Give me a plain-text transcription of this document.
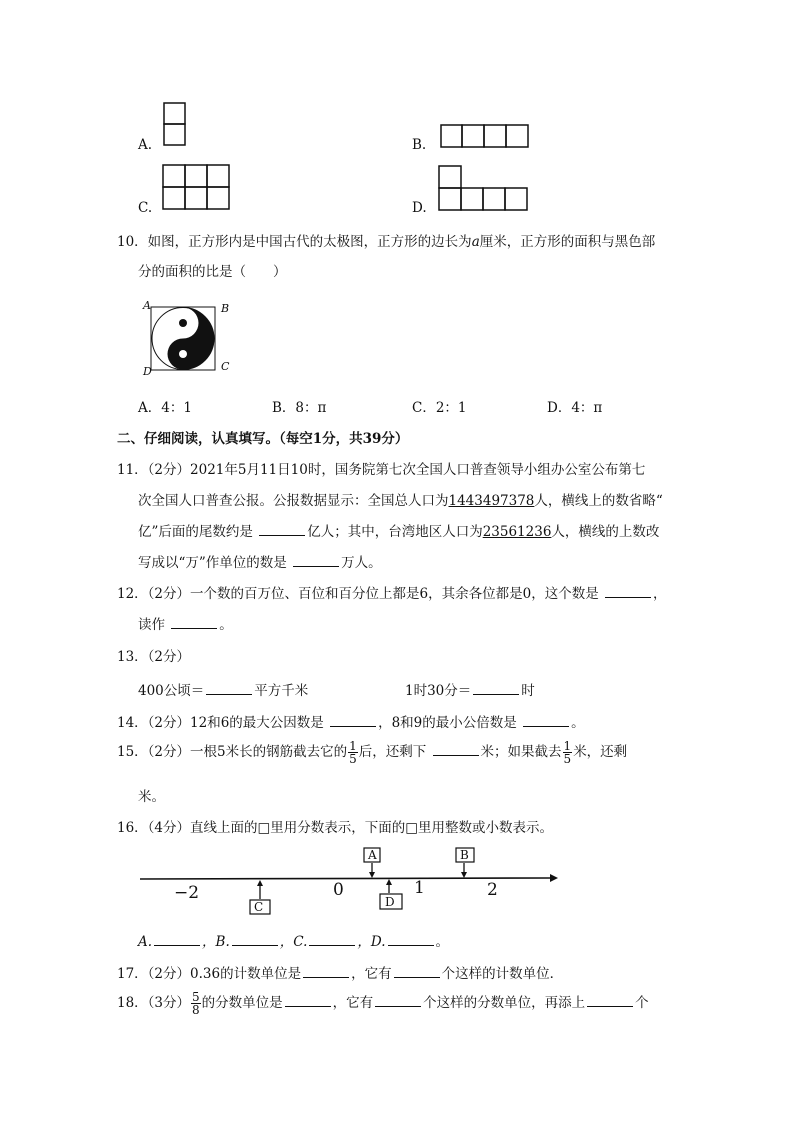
A.	B.
C.	D.
10．如图，正方形内是中国古代的太极图，正方形的边长为a厘米，正方形的面积与黑色部
分的面积的比是（　　）
A	B
C
D
A．4：1	B．8：π	C．2：1	D．4：π
二、仔细阅读，认真填写。（每空1分，共39分）
11．（2分）2021年5月11日10时，国务院第七次全国人口普查领导小组办公室公布第七
次全国人口普查公报。公报数据显示：全国总人口为1443497378人，横线上的数省略“
亿”后面的尾数约是	亿人；其中，台湾地区人口为23561236人，横线的上数改
写成以“万”作单位的数是	万人。
12．（2分）一个数的百万位、百位和百分位上都是6，其余各位都是0，这个数是	，
读作	。
13．（2分）
400公顷＝	平方千米	1时30分＝	时
14．（2分）12和6的最大公因数是	，8和9的最小公倍数是	。
15．（2分）一根5米长的钢筋截去它的 $\frac{1}{5}$ 后，还剩下	米；如果截去 $\frac{1}{5}$ 米，还剩
米。
16．（4分）直线上面的□里用分数表示，下面的□里用整数或小数表示。
−2	0	1	2
A	B
C	D
A.	，B.	，C.	，D.	。
17．（2分）0.36的计数单位是	，它有	个这样的计数单位．
18．（3分） $\frac{5}{8}$ 的分数单位是	，它有	个这样的分数单位，再添上	个
